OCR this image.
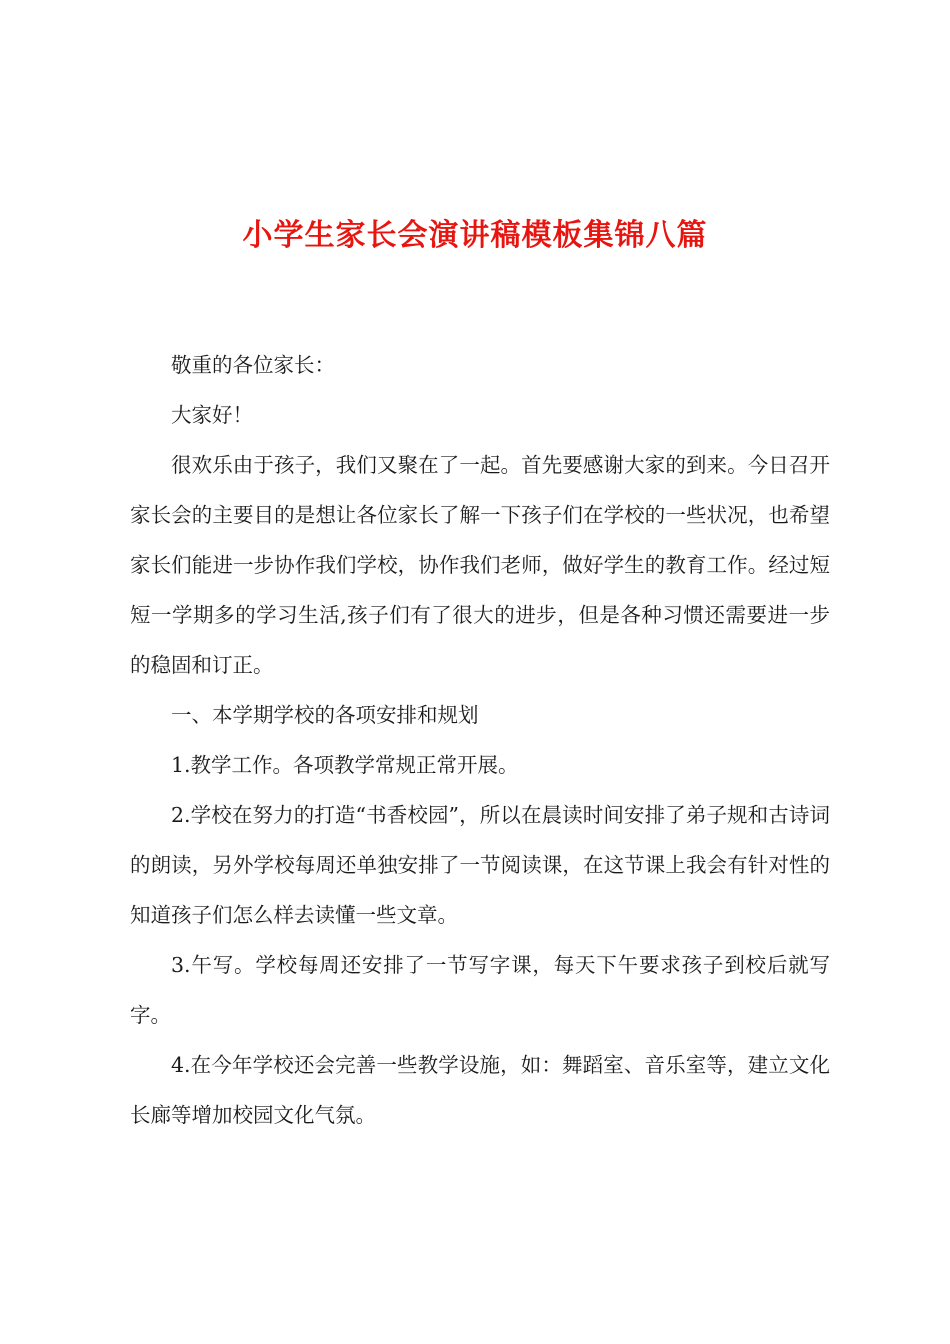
小学生家长会演讲稿模板集锦八篇

敬重的各位家长：

大家好！

很欢乐由于孩子，我们又聚在了一起。首先要感谢大家的到来。今日召开家长会的主要目的是想让各位家长了解一下孩子们在学校的一些状况，也希望家长们能进一步协作我们学校，协作我们老师，做好学生的教育工作。经过短短一学期多的学习生活,孩子们有了很大的进步，但是各种习惯还需要进一步的稳固和订正。

一、本学期学校的各项安排和规划

1.教学工作。各项教学常规正常开展。

2.学校在努力的打造“书香校园”，所以在晨读时间安排了弟子规和古诗词的朗读，另外学校每周还单独安排了一节阅读课，在这节课上我会有针对性的知道孩子们怎么样去读懂一些文章。

3.午写。学校每周还安排了一节写字课，每天下午要求孩子到校后就写字。

4.在今年学校还会完善一些教学设施，如：舞蹈室、音乐室等，建立文化长廊等增加校园文化气氛。
